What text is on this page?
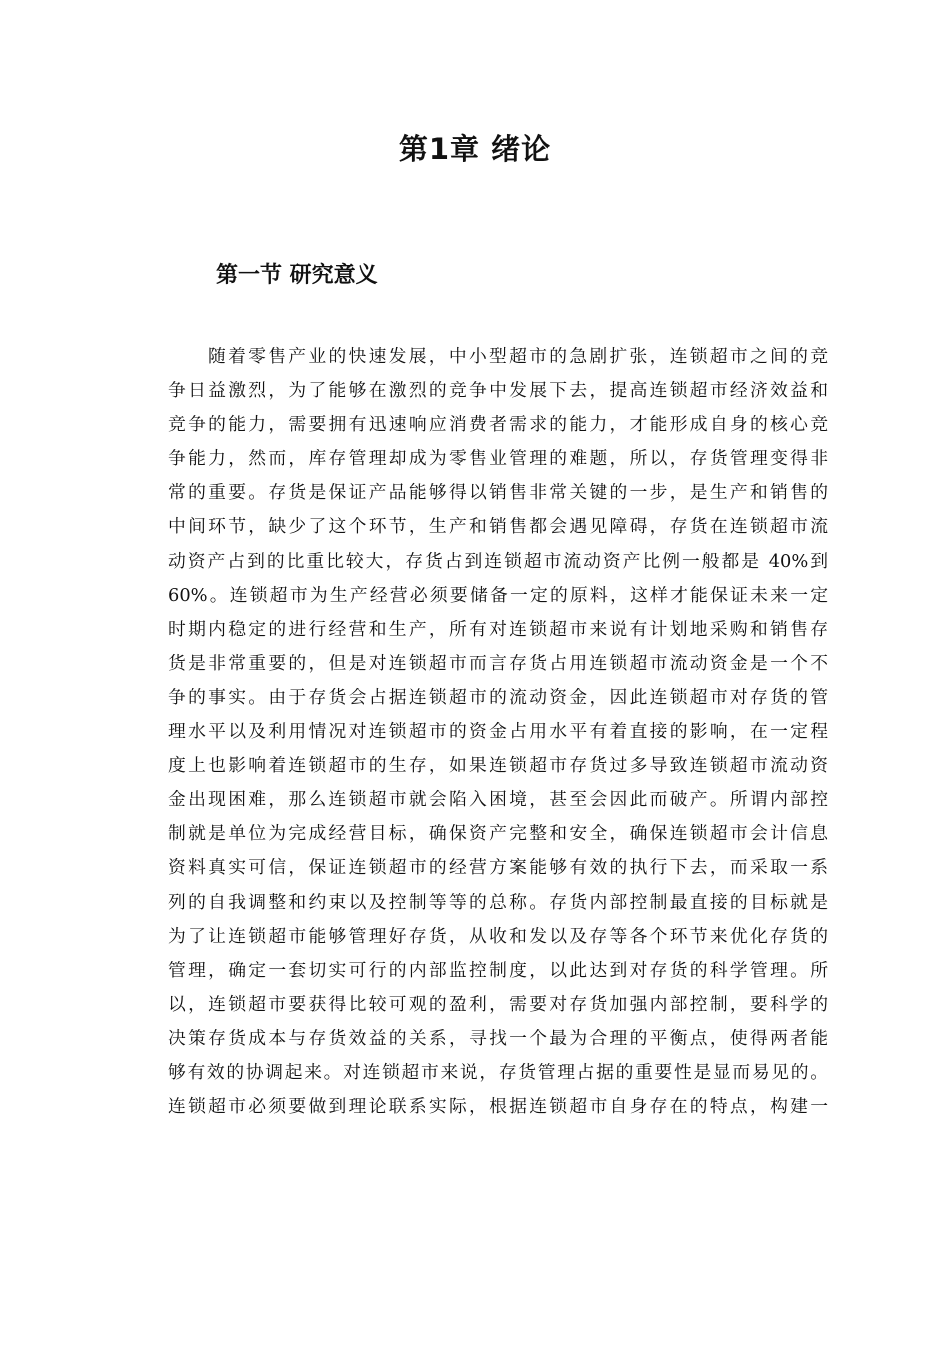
第1章 绪论
第一节 研究意义
随着零售产业的快速发展，中小型超市的急剧扩张，连锁超市之间的竞
争日益激烈，为了能够在激烈的竞争中发展下去，提高连锁超市经济效益和
竞争的能力，需要拥有迅速响应消费者需求的能力，才能形成自身的核心竞
争能力，然而，库存管理却成为零售业管理的难题，所以，存货管理变得非
常的重要。存货是保证产品能够得以销售非常关键的一步，是生产和销售的
中间环节，缺少了这个环节，生产和销售都会遇见障碍，存货在连锁超市流
动资产占到的比重比较大，存货占到连锁超市流动资产比例一般都是 40%到
60%。连锁超市为生产经营必须要储备一定的原料，这样才能保证未来一定
时期内稳定的进行经营和生产，所有对连锁超市来说有计划地采购和销售存
货是非常重要的，但是对连锁超市而言存货占用连锁超市流动资金是一个不
争的事实。由于存货会占据连锁超市的流动资金，因此连锁超市对存货的管
理水平以及利用情况对连锁超市的资金占用水平有着直接的影响，在一定程
度上也影响着连锁超市的生存，如果连锁超市存货过多导致连锁超市流动资
金出现困难，那么连锁超市就会陷入困境，甚至会因此而破产。所谓内部控
制就是单位为完成经营目标，确保资产完整和安全，确保连锁超市会计信息
资料真实可信，保证连锁超市的经营方案能够有效的执行下去，而采取一系
列的自我调整和约束以及控制等等的总称。存货内部控制最直接的目标就是
为了让连锁超市能够管理好存货，从收和发以及存等各个环节来优化存货的
管理，确定一套切实可行的内部监控制度，以此达到对存货的科学管理。所
以，连锁超市要获得比较可观的盈利，需要对存货加强内部控制，要科学的
决策存货成本与存货效益的关系，寻找一个最为合理的平衡点，使得两者能
够有效的协调起来。对连锁超市来说，存货管理占据的重要性是显而易见的。
连锁超市必须要做到理论联系实际，根据连锁超市自身存在的特点，构建一
